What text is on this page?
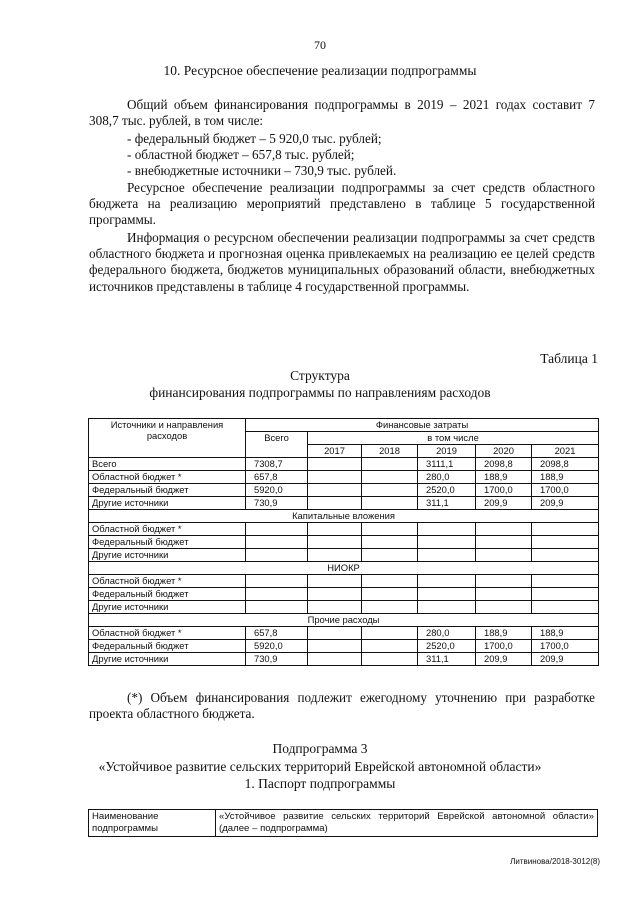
70
10. Ресурсное обеспечение реализации подпрограммы
Общий объем финансирования подпрограммы в 2019 – 2021 годах составит 7 308,7 тыс. рублей, в том числе:
- федеральный бюджет – 5 920,0 тыс. рублей;
- областной бюджет – 657,8 тыс. рублей;
- внебюджетные источники – 730,9 тыс. рублей.
Ресурсное обеспечение реализации подпрограммы за счет средств областного бюджета на реализацию мероприятий представлено в таблице 5 государственной программы.
Информация о ресурсном обеспечении реализации подпрограммы за счет средств областного бюджета и прогнозная оценка привлекаемых на реализацию ее целей средств федерального бюджета, бюджетов муниципальных образований области, внебюджетных источников представлены в таблице 4 государственной программы.
Таблица 1
Структура
финансирования подпрограммы по направлениям расходов
Источники и направления расходов	Финансовые затраты					
	Всего	в том числе				
		2017	2018	2019	2020	2021
Всего	7308,7			3111,1	2098,8	2098,8
Областной бюджет *	657,8			280,0	188,9	188,9
Федеральный бюджет	5920,0			2520,0	1700,0	1700,0
Другие источники	730,9			311,1	209,9	209,9
Капитальные вложения						
Областной бюджет *						
Федеральный бюджет						
Другие источники						
НИОКР						
Областной бюджет *						
Федеральный бюджет						
Другие источники						
Прочие расходы						
Областной бюджет *	657,8			280,0	188,9	188,9
Федеральный бюджет	5920,0			2520,0	1700,0	1700,0
Другие источники	730,9			311,1	209,9	209,9
(*) Объем финансирования подлежит ежегодному уточнению при разработке проекта областного бюджета.
Подпрограмма 3
«Устойчивое развитие сельских территорий Еврейской автономной области»
1. Паспорт подпрограммы
Наименование подпрограммы	«Устойчивое развитие сельских территорий Еврейской автономной области» (далее – подпрограмма)
Литвинова/2018-3012(8)
